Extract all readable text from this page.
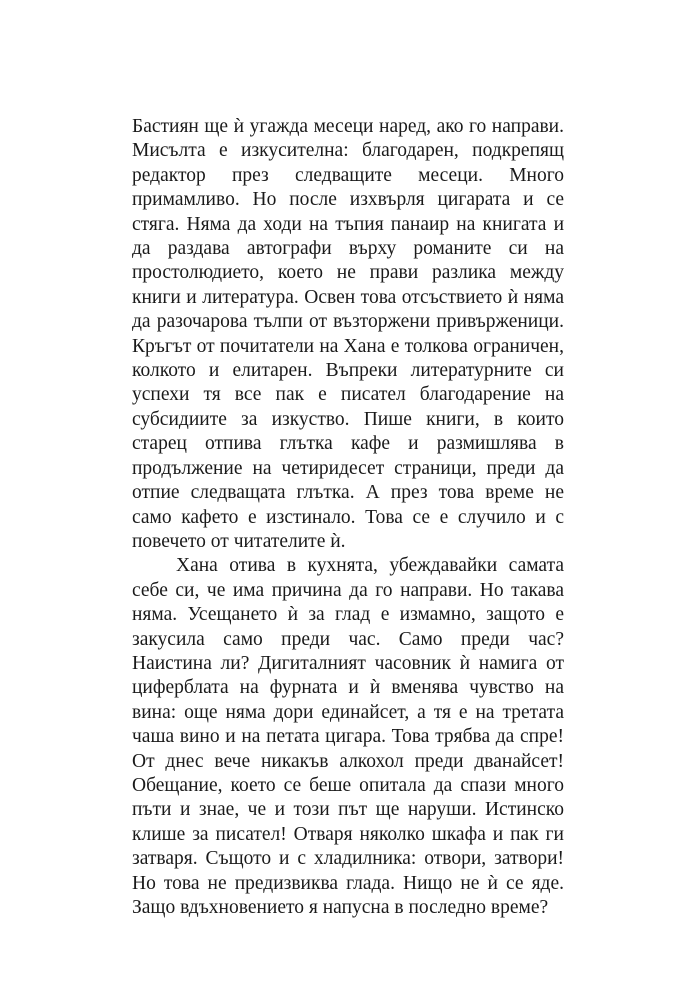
Бастиян ще ѝ угажда месеци наред, ако го направи. Мисълта е изкусителна: благодарен, подкрепящ редактор през следващите месеци. Много примамливо. Но после изхвърля цигарата и се стяга. Няма да ходи на тъпия панаир на книгата и да раздава автографи върху романите си на простолюдието, което не прави разлика между книги и литература. Освен това отсъствието ѝ няма да разочарова тълпи от възторжени привърженици. Кръгът от почитатели на Хана е толкова ограничен, колкото и елитарен. Въпреки литературните си успехи тя все пак е писател благодарение на субсидиите за изкуство. Пише книги, в които старец отпива глътка кафе и размишлява в продължение на четиридесет страници, преди да отпие следващата глътка. А през това време не само кафето е изстинало. Това се е случило и с повечето от читателите ѝ.

Хана отива в кухнята, убеждавайки самата себе си, че има причина да го направи. Но такава няма. Усещането ѝ за глад е измамно, защото е закусила само преди час. Само преди час? Наистина ли? Дигиталният часовник ѝ намига от циферблата на фурната и ѝ вменява чувство на вина: още няма дори единайсет, а тя е на третата чаша вино и на петата цигара. Това трябва да спре! От днес вече никакъв алкохол преди дванайсет! Обещание, което се беше опитала да спази много пъти и знае, че и този път ще наруши. Истинско клише за писател! Отваря няколко шкафа и пак ги затваря. Същото и с хладилника: отвори, затвори! Но това не предизвиква глада. Нищо не ѝ се яде. Защо вдъхновението я напусна в последно време?
